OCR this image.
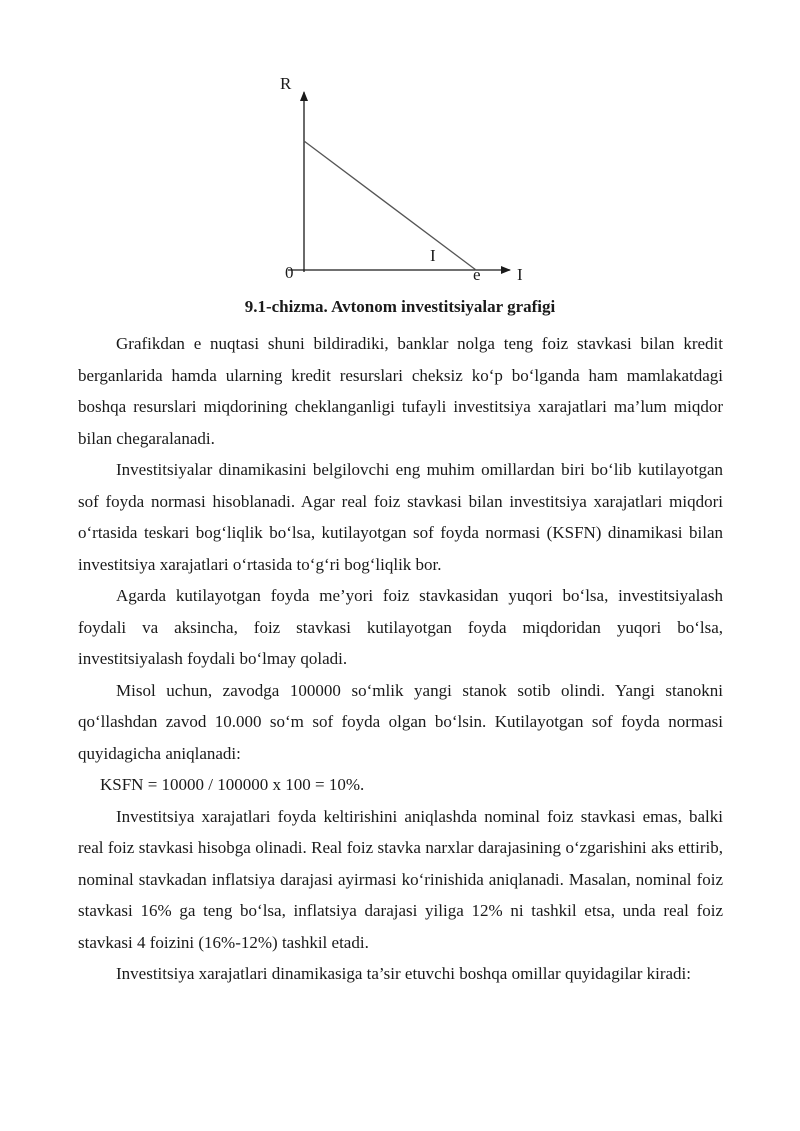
R
0
I
e I
9.1-chizma. Avtonom investitsiyalar grafigi

Grafikdan e nuqtasi shuni bildiradiki, banklar nolga teng foiz stavkasi bilan kredit berganlarida hamda ularning kredit resurslari cheksiz ko‘p bo‘lganda ham mamlakatdagi boshqa resurslari miqdorining cheklanganligi tufayli investitsiya xarajatlari ma’lum miqdor bilan chegaralanadi.

Investitsiyalar dinamikasini belgilovchi eng muhim omillardan biri bo‘lib kutilayotgan sof foyda normasi hisoblanadi. Agar real foiz stavkasi bilan investitsiya xarajatlari miqdori o‘rtasida teskari bog‘liqlik bo‘lsa, kutilayotgan sof foyda normasi (KSFN) dinamikasi bilan investitsiya xarajatlari o‘rtasida to‘g‘ri bog‘liqlik bor.

Agarda kutilayotgan foyda me’yori foiz stavkasidan yuqori bo‘lsa, investitsiyalash foydali va aksincha, foiz stavkasi kutilayotgan foyda miqdoridan yuqori bo‘lsa, investitsiyalash foydali bo‘lmay qoladi.

Misol uchun, zavodga 100000 so‘mlik yangi stanok sotib olindi. Yangi stanokni qo‘llashdan zavod 10.000 so‘m sof foyda olgan bo‘lsin. Kutilayotgan sof foyda normasi quyidagicha aniqlanadi:

KSFN = 10000 / 100000 x 100 = 10%.

Investitsiya xarajatlari foyda keltirishini aniqlashda nominal foiz stavkasi emas, balki real foiz stavkasi hisobga olinadi. Real foiz stavka narxlar darajasining o‘zgarishini aks ettirib, nominal stavkadan inflatsiya darajasi ayirmasi ko‘rinishida aniqlanadi. Masalan, nominal foiz stavkasi 16% ga teng bo‘lsa, inflatsiya darajasi yiliga 12% ni tashkil etsa, unda real foiz stavkasi 4 foizini (16%-12%) tashkil etadi.

Investitsiya xarajatlari dinamikasiga ta’sir etuvchi boshqa omillar quyidagilar kiradi:
